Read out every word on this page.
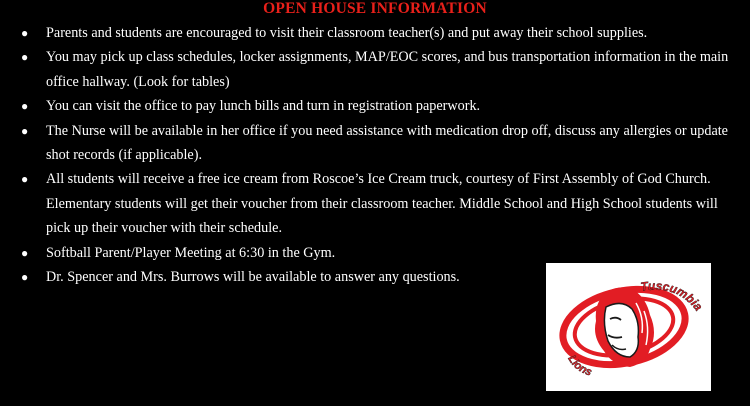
OPEN HOUSE INFORMATION
● Parents and students are encouraged to visit their classroom teacher(s) and put away their school supplies.
● You may pick up class schedules, locker assignments, MAP/EOC scores, and bus transportation information in the main office hallway. (Look for tables)
● You can visit the office to pay lunch bills and turn in registration paperwork.
● The Nurse will be available in her office if you need assistance with medication drop off, discuss any allergies or update shot records (if applicable).
● All students will receive a free ice cream from Roscoe’s Ice Cream truck, courtesy of First Assembly of God Church. Elementary students will get their voucher from their classroom teacher. Middle School and High School students will pick up their voucher with their schedule.
● Softball Parent/Player Meeting at 6:30 in the Gym.
● Dr. Spencer and Mrs. Burrows will be available to answer any questions.
Tuscumbia
Lions
